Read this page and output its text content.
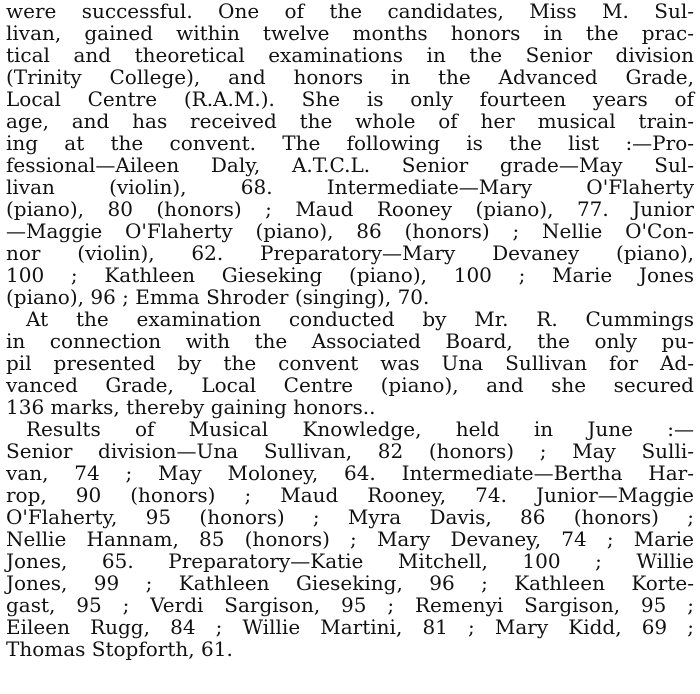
were successful. One of the candidates, Miss M. Sul-
livan, gained within twelve months honors in the prac-
tical and theoretical examinations in the Senior division
(Trinity College), and honors in the Advanced Grade,
Local Centre (R.A.M.). She is only fourteen years of
age, and has received the whole of her musical train-
ing at the convent. The following is the list :—Pro-
fessional—Aileen Daly, A.T.C.L. Senior grade—May Sul-
livan (violin), 68. Intermediate—Mary O'Flaherty
(piano), 80 (honors) ; Maud Rooney (piano), 77. Junior
—Maggie O'Flaherty (piano), 86 (honors) ; Nellie O'Con-
nor (violin), 62. Preparatory—Mary Devaney (piano),
100 ; Kathleen Gieseking (piano), 100 ; Marie Jones
(piano), 96 ; Emma Shroder (singing), 70.
At the examination conducted by Mr. R. Cummings
in connection with the Associated Board, the only pu-
pil presented by the convent was Una Sullivan for Ad-
vanced Grade, Local Centre (piano), and she secured
136 marks, thereby gaining honors..
Results of Musical Knowledge, held in June :—
Senior division—Una Sullivan, 82 (honors) ; May Sulli-
van, 74 ; May Moloney, 64. Intermediate—Bertha Har-
rop, 90 (honors) ; Maud Rooney, 74. Junior—Maggie
O'Flaherty, 95 (honors) ; Myra Davis, 86 (honors) ;
Nellie Hannam, 85 (honors) ; Mary Devaney, 74 ; Marie
Jones, 65. Preparatory—Katie Mitchell, 100 ; Willie
Jones, 99 ; Kathleen Gieseking, 96 ; Kathleen Korte-
gast, 95 ; Verdi Sargison, 95 ; Remenyi Sargison, 95 ;
Eileen Rugg, 84 ; Willie Martini, 81 ; Mary Kidd, 69 ;
Thomas Stopforth, 61.
